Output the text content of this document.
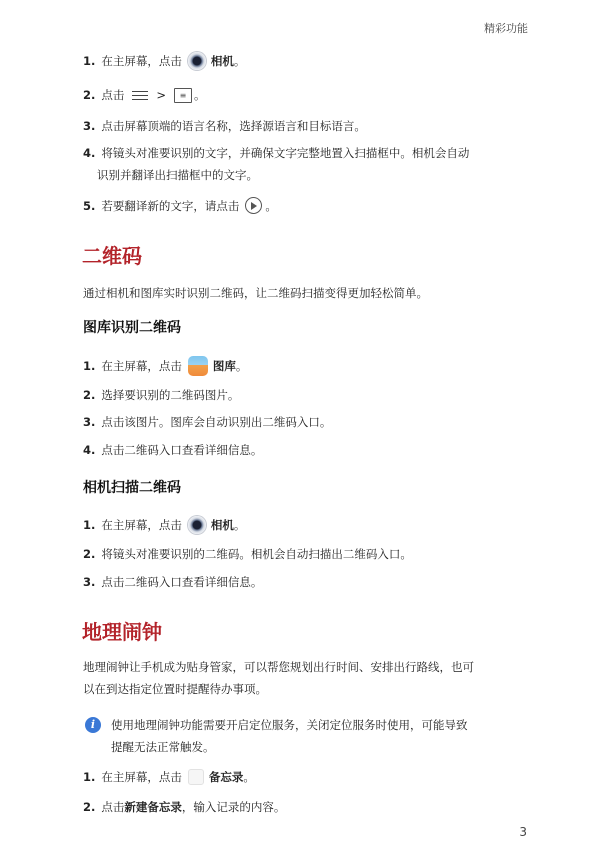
精彩功能
1. 在主屏幕，点击	相机 。
2. 点击	>	≡ 。
3. 点击屏幕顶端的语言名称，选择源语言和目标语言。
4. 将镜头对准要识别的文字，并确保文字完整地置入扫描框中。相机会自动
识别并翻译出扫描框中的文字。
5. 若要翻译新的文字，请点击 。
二维码
通过相机和图库实时识别二维码，让二维码扫描变得更加轻松简单。
图库识别二维码
1. 在主屏幕，点击	图库 。
2. 选择要识别的二维码图片。
3. 点击该图片。图库会自动识别出二维码入口。
4. 点击二维码入口查看详细信息。
相机扫描二维码
1. 在主屏幕，点击	相机 。
2. 将镜头对准要识别的二维码。相机会自动扫描出二维码入口。
3. 点击二维码入口查看详细信息。
地理闹钟
地理闹钟让手机成为贴身管家，可以帮您规划出行时间、安排出行路线，也可
以在到达指定位置时提醒待办事项。
i	使用地理闹钟功能需要开启定位服务，关闭定位服务时使用，可能导致
提醒无法正常触发。
1. 在主屏幕，点击 备忘录 。
2. 点击 新建备忘录 ，输入记录的内容。
3
